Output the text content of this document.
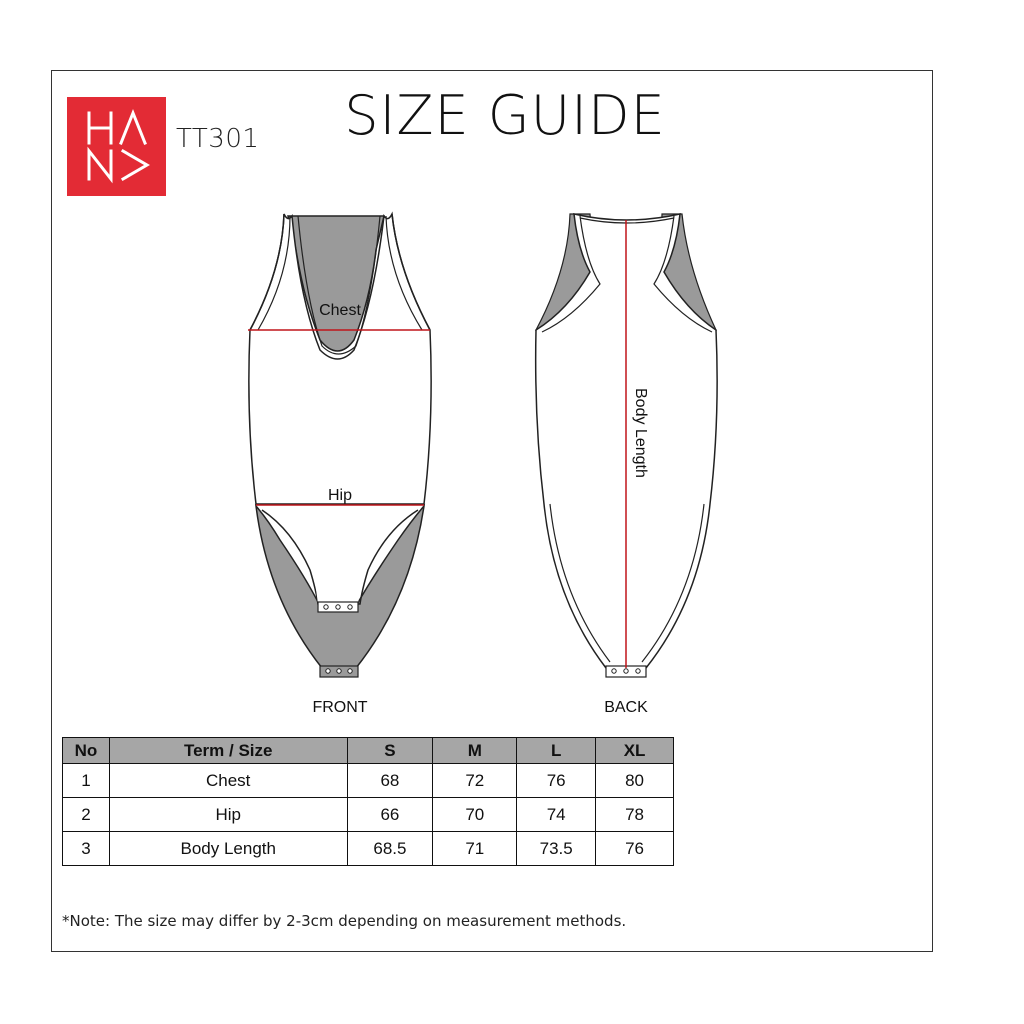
TT301	SIZE GUIDE
Chest
Hip
Body Length
FRONT	BACK
No	Term / Size	S	M	L	XL
1	Chest	68	72	76	80
2	Hip	66	70	74	78
3	Body Length	68.5	71	73.5	76
*Note: The size may differ by 2-3cm depending on measurement methods.
